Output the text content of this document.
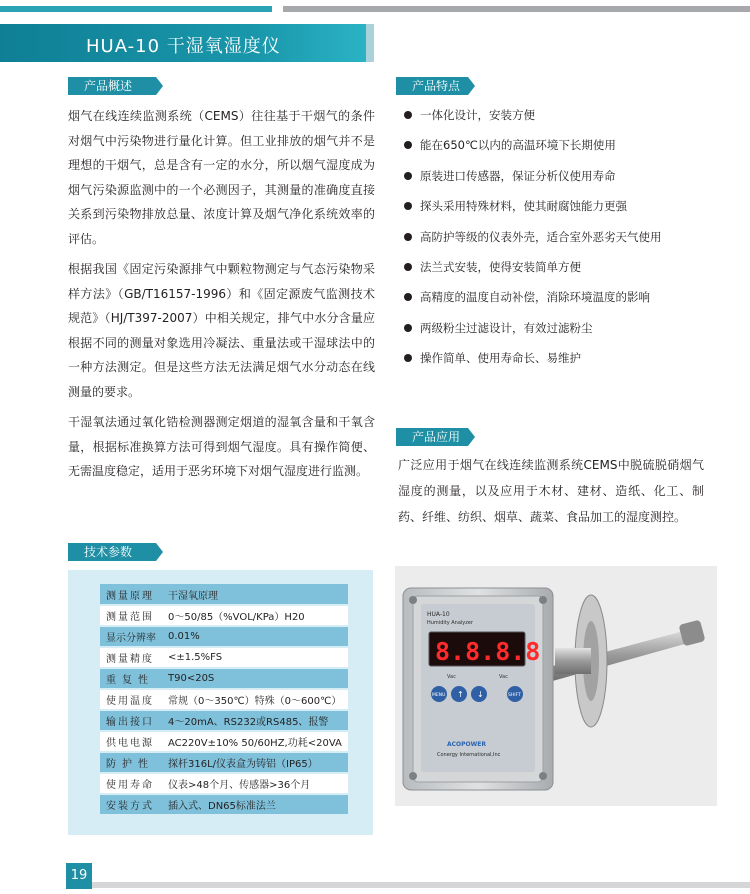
HUA-10 干湿氧湿度仪
产品概述

烟气在线连续监测系统（CEMS）往往基于干烟气的条件对烟气中污染物进行量化计算。但工业排放的烟气并不是理想的干烟气，总是含有一定的水分，所以烟气湿度成为烟气污染源监测中的一个必测因子，其测量的准确度直接关系到污染物排放总量、浓度计算及烟气净化系统效率的评估。

根据我国《固定污染源排气中颗粒物测定与气态污染物采样方法》（GB/T16157-1996）和《固定源废气监测技术规范》（HJ/T397-2007）中相关规定，排气中水分含量应根据不同的测量对象选用冷凝法、重量法或干湿球法中的一种方法测定。但是这些方法无法满足烟气水分动态在线测量的要求。

干湿氧法通过氧化锆检测器测定烟道的湿氧含量和干氧含量，根据标准换算方法可得到烟气湿度。具有操作简便、无需温度稳定，适用于恶劣环境下对烟气湿度进行监测。

产品特点
一体化设计，安装方便
能在650℃以内的高温环境下长期使用
原装进口传感器，保证分析仪使用寿命
探头采用特殊材料，使其耐腐蚀能力更强
高防护等级的仪表外壳，适合室外恶劣天气使用
法兰式安装，使得安装简单方便
高精度的温度自动补偿，消除环境温度的影响
两级粉尘过滤设计，有效过滤粉尘
操作简单、使用寿命长、易维护
产品应用

广泛应用于烟气在线连续监测系统CEMS中脱硫脱硝烟气湿度的测量，以及应用于木材、建材、造纸、化工、制药、纤维、纺织、烟草、蔬菜、食品加工的湿度测控。

技术参数
测量原理	干湿氧原理
测量范围	0～50/85（%VOL/KPa）H20
显示分辨率	0.01%
测量精度	<±1.5%FS
重复性	T90<20S
使用温度	常规（0～350℃）特殊（0～600℃）
输出接口	4～20mA、RS232或RS485、报警
供电电源	AC220V±10% 50/60HZ,功耗<20VA
防护性	探杆316L/仪表盒为铸铝（IP65）
使用寿命	仪表>48个月、传感器>36个月
安装方式	插入式、DN65标准法兰
HUA-10
Humidity Analyzer
8.8.8.8
Vac	Vac
MENU ↑ ↓	SHIFT
ACOPOWER
Conergy International,Inc
19
